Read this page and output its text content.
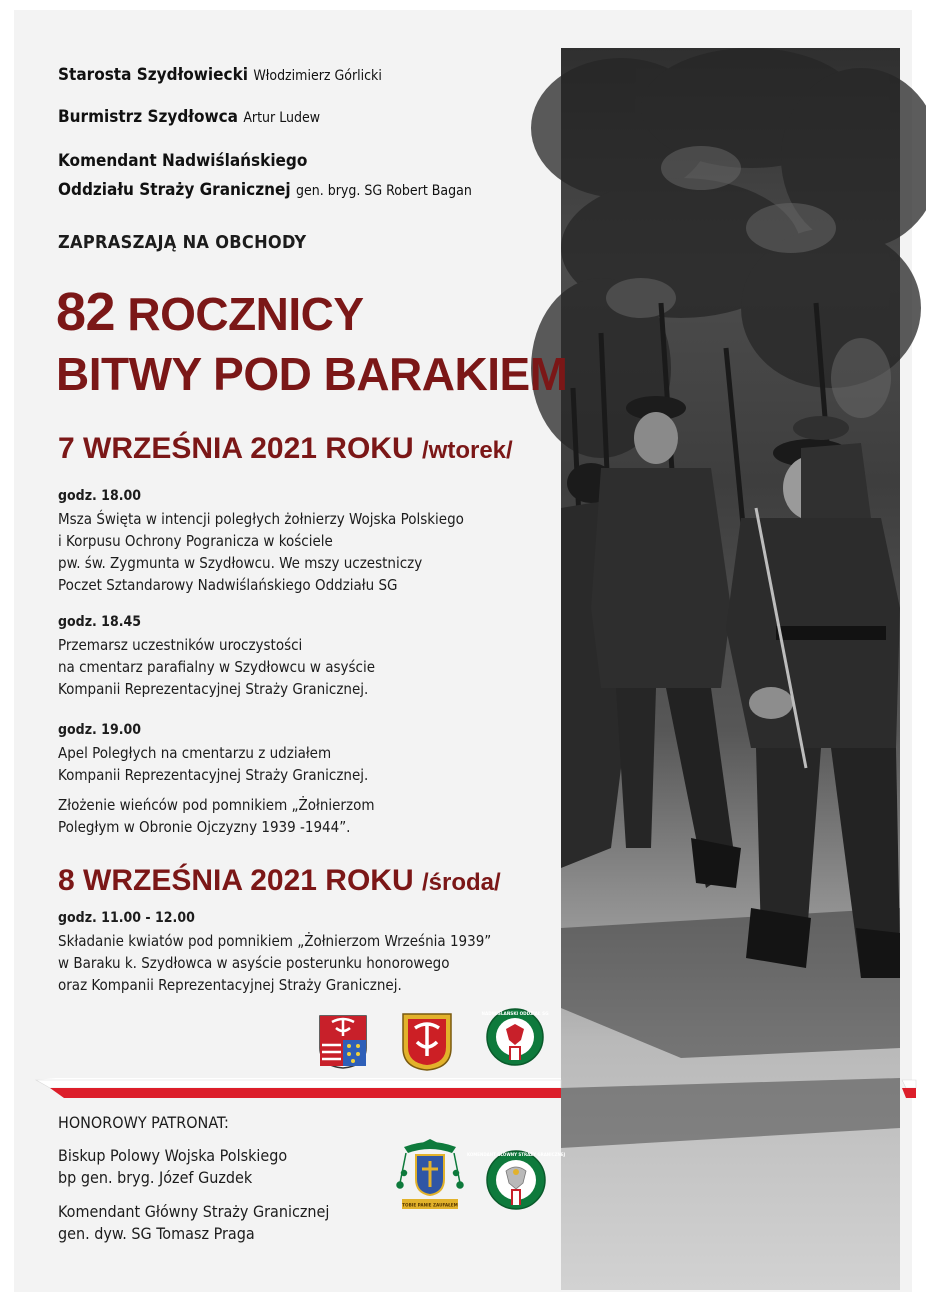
Starosta Szydłowiecki Włodzimierz Górlicki
Burmistrz Szydłowca Artur Ludew
Komendant Nadwiślańskiego
Oddziału Straży Granicznej gen. bryg. SG Robert Bagan
ZAPRASZAJĄ NA OBCHODY
82 ROCZNICY
BITWY POD BARAKIEM
7 WRZEŚNIA 2021 ROKU /wtorek/
godz. 18.00
Msza Święta w intencji poległych żołnierzy Wojska Polskiego
i Korpusu Ochrony Pogranicza w kościele
pw. św. Zygmunta w Szydłowcu. We mszy uczestniczy
Poczet Sztandarowy Nadwiślańskiego Oddziału SG
godz. 18.45
Przemarsz uczestników uroczystości
na cmentarz parafialny w Szydłowcu w asyście
Kompanii Reprezentacyjnej Straży Granicznej.
godz. 19.00
Apel Poległych na cmentarzu z udziałem
Kompanii Reprezentacyjnej Straży Granicznej.
Złożenie wieńców pod pomnikiem „Żołnierzom
Poległym w Obronie Ojczyzny 1939 -1944”.
8 WRZEŚNIA 2021 ROKU /środa/
godz. 11.00 - 12.00
Składanie kwiatów pod pomnikiem „Żołnierzom Września 1939”
w Baraku k. Szydłowca w asyście posterunku honorowego
oraz Kompanii Reprezentacyjnej Straży Granicznej.
NADWIŚLAŃSKI ODDZIAŁ SG
HONOROWY PATRONAT:
Biskup Polowy Wojska Polskiego
bp gen. bryg. Józef Guzdek
Komendant Główny Straży Granicznej
gen. dyw. SG Tomasz Praga
TOBIE PANIE ZAUFAŁEM
KOMENDANT GŁÓWNY STRAŻY GRANICZNEJ
